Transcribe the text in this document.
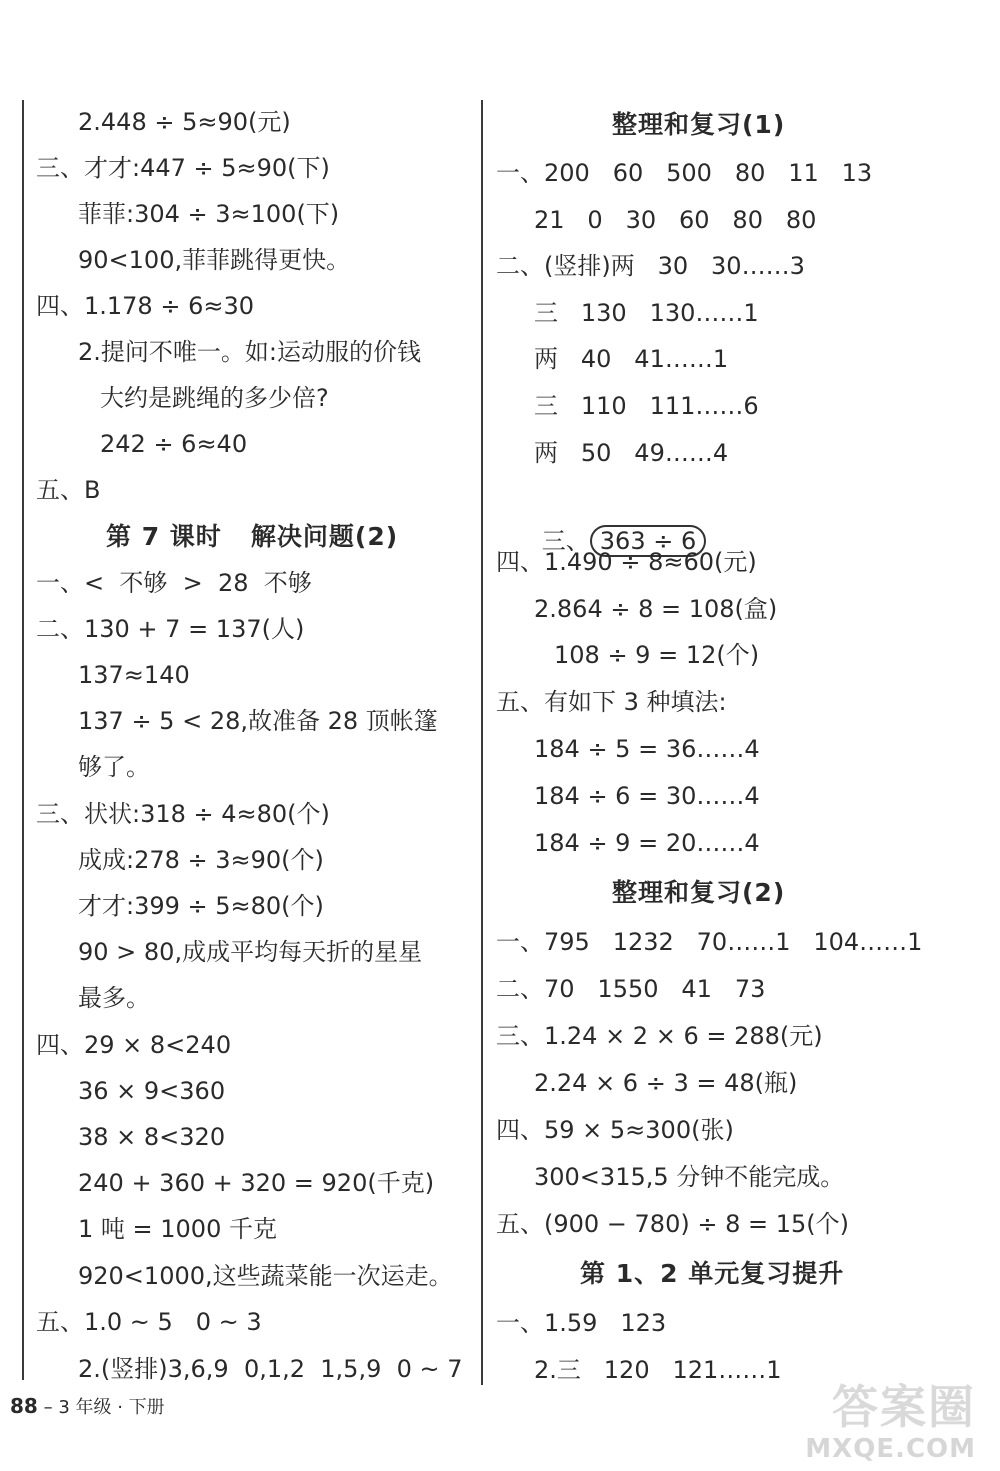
2.448 ÷ 5≈90(元)
三、才才:447 ÷ 5≈90(下)
菲菲:304 ÷ 3≈100(下)
90<100,菲菲跳得更快。
四、1.178 ÷ 6≈30
2.提问不唯一。如:运动服的价钱
大约是跳绳的多少倍?
242 ÷ 6≈40
五、B
第 7 课时   解决问题(2)
一、<  不够  >  28  不够
二、130 + 7 = 137(人)
137≈140
137 ÷ 5 < 28,故准备 28 顶帐篷
够了。
三、状状:318 ÷ 4≈80(个)
成成:278 ÷ 3≈90(个)
才才:399 ÷ 5≈80(个)
90 > 80,成成平均每天折的星星
最多。
四、29 × 8<240
36 × 9<360
38 × 8<320
240 + 360 + 320 = 920(千克)
1 吨 = 1000 千克
920<1000,这些蔬菜能一次运走。
五、1.0 ~ 5   0 ~ 3
2.(竖排)3,6,9  0,1,2  1,5,9  0 ~ 7
整理和复习(1)
一、200   60   500   80   11   13
21   0   30   60   80   80
二、(竖排)两   30   30……3
三   130   130……1
两   40   41……1
三   110   111……6
两   50   49……4

三、 363 ÷ 6

四、1.490 ÷ 8≈60(元)
2.864 ÷ 8 = 108(盒)
108 ÷ 9 = 12(个)
五、有如下 3 种填法:
184 ÷ 5 = 36……4
184 ÷ 6 = 30……4
184 ÷ 9 = 20……4
整理和复习(2)
一、795   1232   70……1   104……1
二、70   1550   41   73
三、1.24 × 2 × 6 = 288(元)
2.24 × 6 ÷ 3 = 48(瓶)
四、59 × 5≈300(张)
300<315,5 分钟不能完成。
五、(900 − 780) ÷ 8 = 15(个)
第 1、2 单元复习提升
一、1.59   123
2.三   120   121……1
88 – 3 年级 · 下册	答案圈
MXQE.COM
